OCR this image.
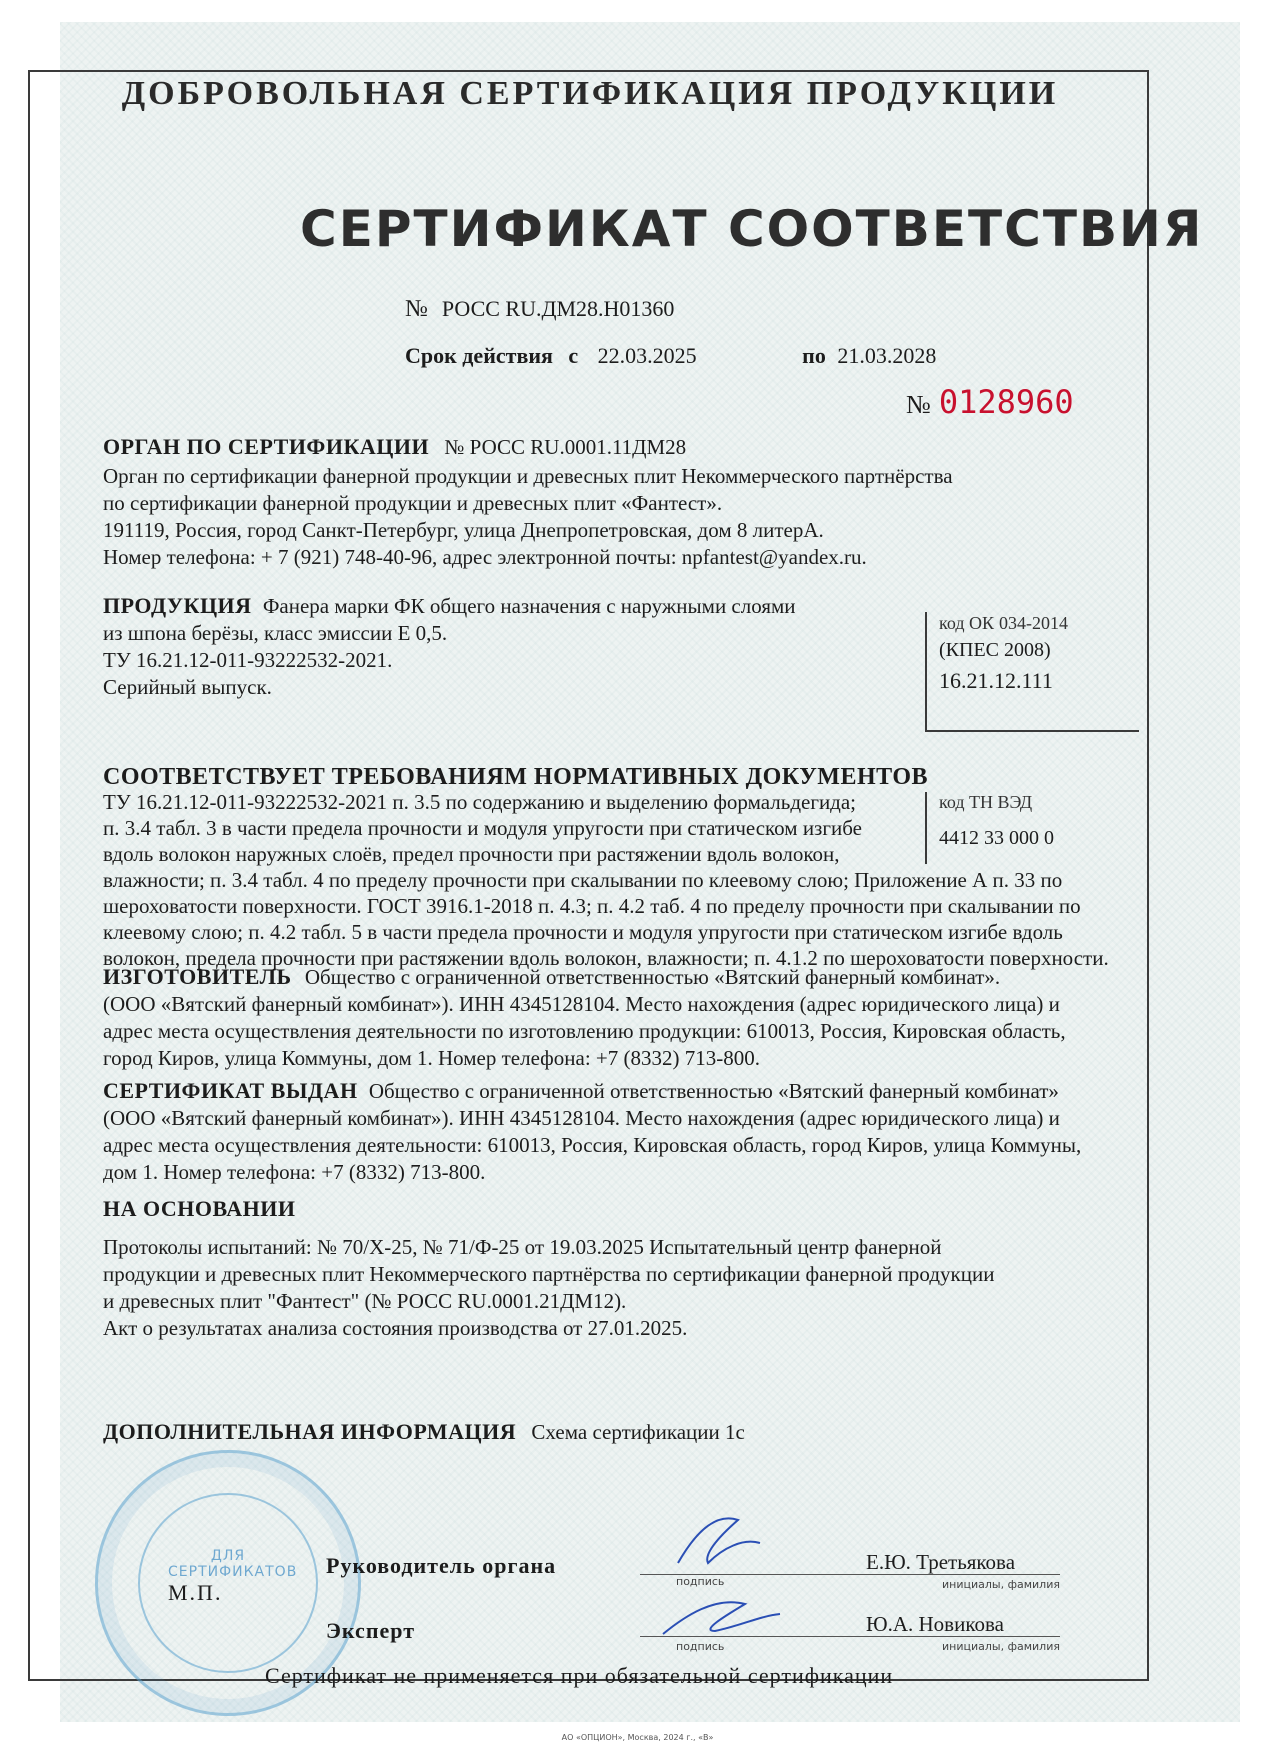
ДОБРОВОЛЬНАЯ СЕРТИФИКАЦИЯ ПРОДУКЦИИ
СЕРТИФИКАТ СООТВЕТСТВИЯ
№ РОСС RU.ДМ28.Н01360
Срок действия с 22.03.2025	по 21.03.2028
№ 0128960
ОРГАН ПО СЕРТИФИКАЦИИ № РОСС RU.0001.11ДМ28
Орган по сертификации фанерной продукции и древесных плит Некоммерческого партнёрства
по сертификации фанерной продукции и древесных плит «Фантест».
191119, Россия, город Санкт-Петербург, улица Днепропетровская, дом 8 литерА.
Номер телефона: + 7 (921) 748-40-96, адрес электронной почты: npfantest@yandex.ru.
ПРОДУКЦИЯ Фанера марки ФК общего назначения с наружными слоями
из шпона берёзы, класс эмиссии Е 0,5.
ТУ 16.21.12-011-93222532-2021.
Серийный выпуск.
код ОК 034-2014
(КПЕС 2008)
16.21.12.111
СООТВЕТСТВУЕТ ТРЕБОВАНИЯМ НОРМАТИВНЫХ ДОКУМЕНТОВ
ТУ 16.21.12-011-93222532-2021 п. 3.5 по содержанию и выделению формальдегида;
п. 3.4 табл. 3 в части предела прочности и модуля упругости при статическом изгибе
вдоль волокон наружных слоёв, предел прочности при растяжении вдоль волокон,
влажности; п. 3.4 табл. 4 по пределу прочности при скалывании по клеевому слою; Приложение А п. 33 по
шероховатости поверхности. ГОСТ 3916.1-2018 п. 4.3; п. 4.2 таб. 4 по пределу прочности при скалывании по
клеевому слою; п. 4.2 табл. 5 в части предела прочности и модуля упругости при статическом изгибе вдоль
волокон, предела прочности при растяжении вдоль волокон, влажности; п. 4.1.2 по шероховатости поверхности.
код ТН ВЭД
4412 33 000 0
ИЗГОТОВИТЕЛЬ Общество с ограниченной ответственностью «Вятский фанерный комбинат».
(ООО «Вятский фанерный комбинат»). ИНН 4345128104. Место нахождения (адрес юридического лица) и
адрес места осуществления деятельности по изготовлению продукции: 610013, Россия, Кировская область,
город Киров, улица Коммуны, дом 1. Номер телефона: +7 (8332) 713-800.
СЕРТИФИКАТ ВЫДАН Общество с ограниченной ответственностью «Вятский фанерный комбинат»
(ООО «Вятский фанерный комбинат»). ИНН 4345128104. Место нахождения (адрес юридического лица) и
адрес места осуществления деятельности: 610013, Россия, Кировская область, город Киров, улица Коммуны,
дом 1. Номер телефона: +7 (8332) 713-800.
НА ОСНОВАНИИ
Протоколы испытаний: № 70/Х-25, № 71/Ф-25 от 19.03.2025 Испытательный центр фанерной
продукции и древесных плит Некоммерческого партнёрства по сертификации фанерной продукции
и древесных плит "Фантест" (№ РОСС RU.0001.21ДМ12).
Акт о результатах анализа состояния производства от 27.01.2025.
ДОПОЛНИТЕЛЬНАЯ ИНФОРМАЦИЯ Схема сертификации 1с
ДЛЯ СЕРТИФИКАТОВ
М.П.
Руководитель органа
подпись
Е.Ю. Третьякова
инициалы, фамилия
Эксперт
подпись
Ю.А. Новикова
инициалы, фамилия
Сертификат не применяется при обязательной сертификации
АО «ОПЦИОН», Москва, 2024 г., «В»
